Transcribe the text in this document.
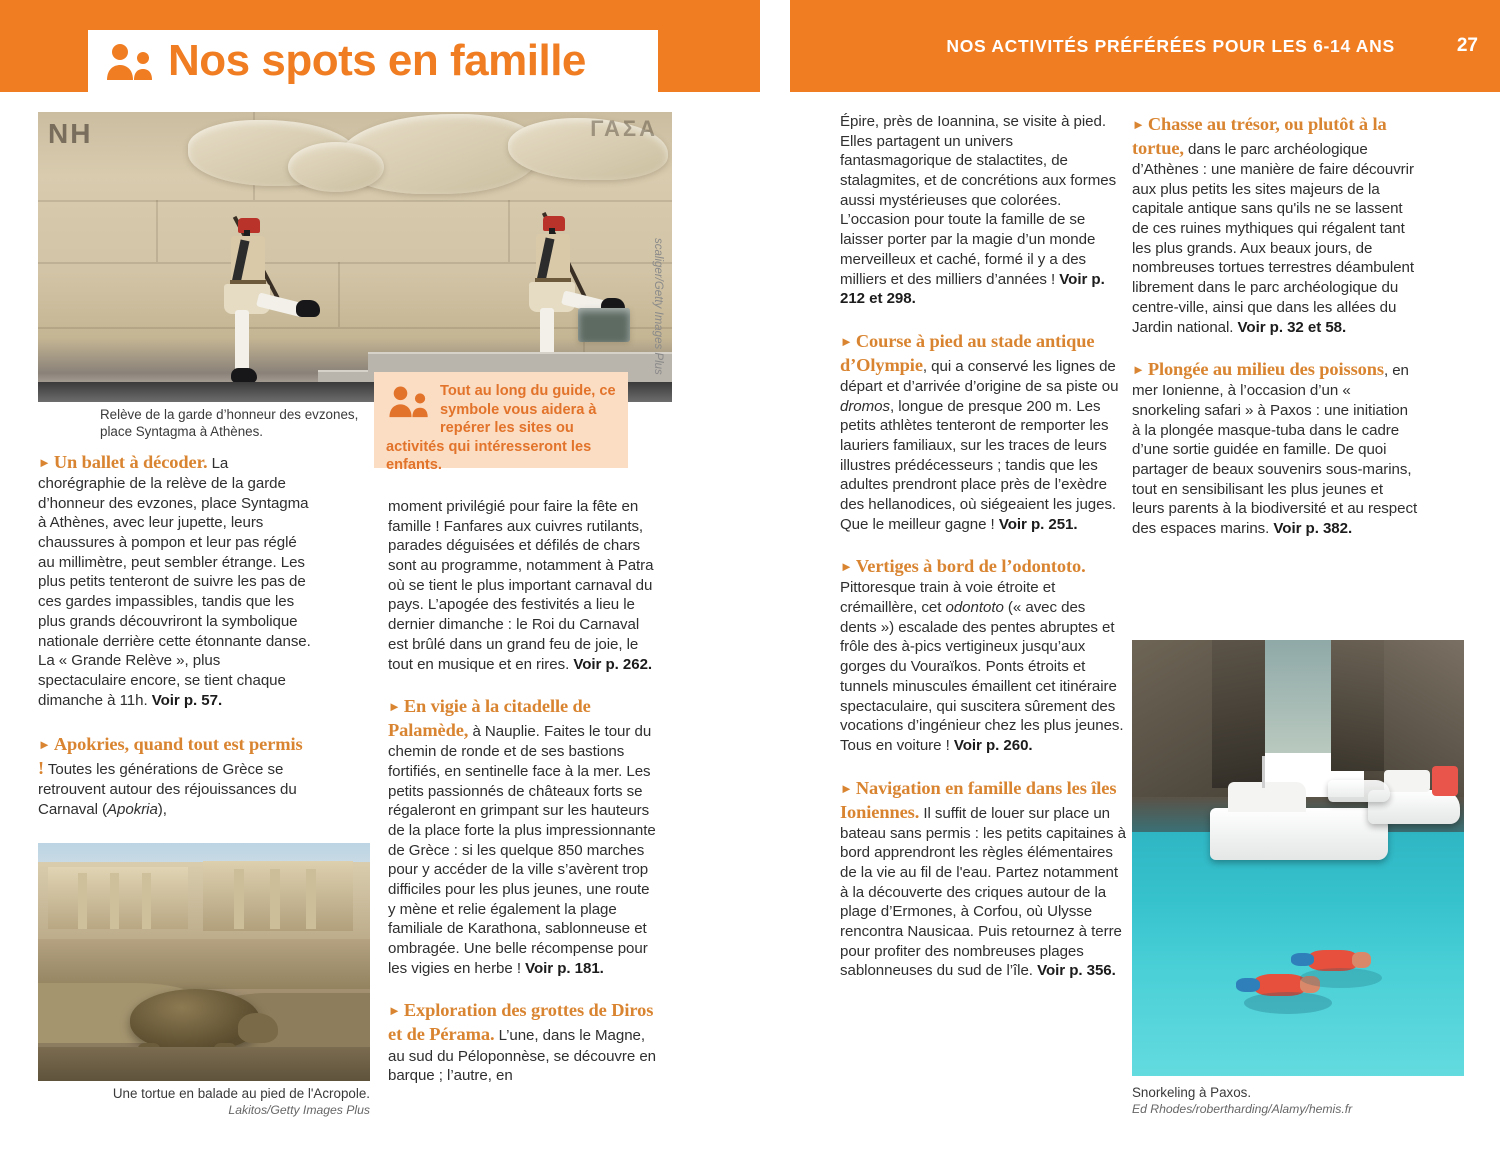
Nos spots en famille	NOS ACTIVITÉS PRÉFÉRÉES POUR LES 6-14 ANS	27
NH	ΓΑΣΑ
scaliger/Getty Images Plus
Relève de la garde d’honneur des evzones, place Syntagma à Athènes.
Tout au long du guide, ce symbole vous aidera à repérer les sites ou activités qui intéresseront les enfants.

► Un ballet à décoder. La chorégraphie de la relève de la garde d’honneur des evzones, place Syntagma à Athènes, avec leur jupette, leurs chaussures à pompon et leur pas réglé au millimètre, peut sembler étrange. Les plus petits tenteront de suivre les pas de ces gardes impassibles, tandis que les plus grands découvriront la symbolique nationale derrière cette étonnante danse. La « Grande Relève », plus spectaculaire encore, se tient chaque dimanche à 11h. Voir p. 57.

► Apokries, quand tout est permis ! Toutes les générations de Grèce se retrouvent autour des réjouissances du Carnaval (Apokria),

Une tortue en balade au pied de l'Acropole.
Lakitos/Getty Images Plus

moment privilégié pour faire la fête en famille ! Fanfares aux cuivres rutilants, parades déguisées et défilés de chars sont au programme, notamment à Patra où se tient le plus important carnaval du pays. L’apogée des festivités a lieu le dernier dimanche : le Roi du Carnaval est brûlé dans un grand feu de joie, le tout en musique et en rires. Voir p. 262.

► En vigie à la citadelle de Palamède, à Nauplie. Faites le tour du chemin de ronde et de ses bastions fortifiés, en sentinelle face à la mer. Les petits passionnés de châteaux forts se régaleront en grimpant sur les hauteurs de la place forte la plus impressionnante de Grèce : si les quelque 850 marches pour y accéder de la ville s’avèrent trop difficiles pour les plus jeunes, une route y mène et relie également la plage familiale de Karathona, sablonneuse et ombragée. Une belle récompense pour les vigies en herbe ! Voir p. 181.

► Exploration des grottes de Diros et de Pérama. L’une, dans le Magne, au sud du Péloponnèse, se découvre en barque ; l’autre, en

Épire, près de Ioannina, se visite à pied. Elles partagent un univers fantasmagorique de stalactites, de stalagmites, et de concrétions aux formes aussi mystérieuses que colorées. L’occasion pour toute la famille de se laisser porter par la magie d’un monde merveilleux et caché, formé il y a des milliers et des milliers d’années ! Voir p. 212 et 298.

► Course à pied au stade antique d’Olympie, qui a conservé les lignes de départ et d’arrivée d’origine de sa piste ou dromos, longue de presque 200 m. Les petits athlètes tenteront de remporter les lauriers familiaux, sur les traces de leurs illustres prédécesseurs ; tandis que les adultes prendront place près de l’exèdre des hellanodices, où siégeaient les juges. Que le meilleur gagne ! Voir p. 251.

► Vertiges à bord de l’odontoto. Pittoresque train à voie étroite et crémaillère, cet odontoto (« avec des dents ») escalade des pentes abruptes et frôle des à-pics vertigineux jusqu’aux gorges du Vouraïkos. Ponts étroits et tunnels minuscules émaillent cet itinéraire spectaculaire, qui suscitera sûrement des vocations d’ingénieur chez les plus jeunes. Tous en voiture ! Voir p. 260.

► Navigation en famille dans les îles Ioniennes. Il suffit de louer sur place un bateau sans permis : les petits capitaines à bord apprendront les règles élémentaires de la vie au fil de l'eau. Partez notamment à la découverte des criques autour de la plage d’Ermones, à Corfou, où Ulysse rencontra Nausicaa. Puis retournez à terre pour profiter des nombreuses plages sablonneuses du sud de l’île. Voir p. 356.

► Chasse au trésor, ou plutôt à la tortue, dans le parc archéologique d’Athènes : une manière de faire découvrir aux plus petits les sites majeurs de la capitale antique sans qu'ils ne se lassent de ces ruines mythiques qui régalent tant les plus grands. Aux beaux jours, de nombreuses tortues terrestres déambulent librement dans le parc archéologique du centre-ville, ainsi que dans les allées du Jardin national. Voir p. 32 et 58.

► Plongée au milieu des poissons, en mer Ionienne, à l’occasion d’un « snorkeling safari » à Paxos : une initiation à la plongée masque-tuba dans le cadre d’une sortie guidée en famille. De quoi partager de beaux souvenirs sous-marins, tout en sensibilisant les plus jeunes et leurs parents à la biodiversité et au respect des espaces marins. Voir p. 382.

Snorkeling à Paxos.
Ed Rhodes/robertharding/Alamy/hemis.fr
